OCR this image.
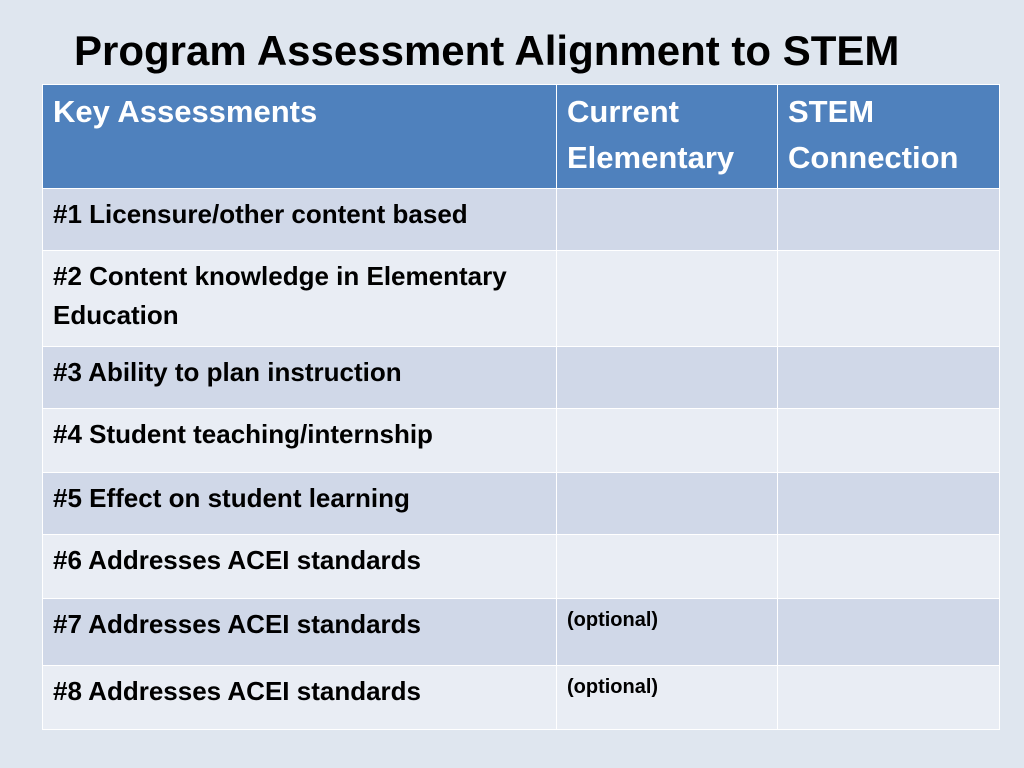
Program Assessment Alignment to STEM
Key Assessments	Current Elementary	STEM Connection
#1 Licensure/other content based		
#2 Content knowledge in Elementary Education		
#3 Ability to plan instruction		
#4 Student teaching/internship		
#5 Effect on student learning		
#6 Addresses ACEI standards		
#7 Addresses ACEI standards	(optional)	

#8 Addresses ACEI standards	(optional)	
